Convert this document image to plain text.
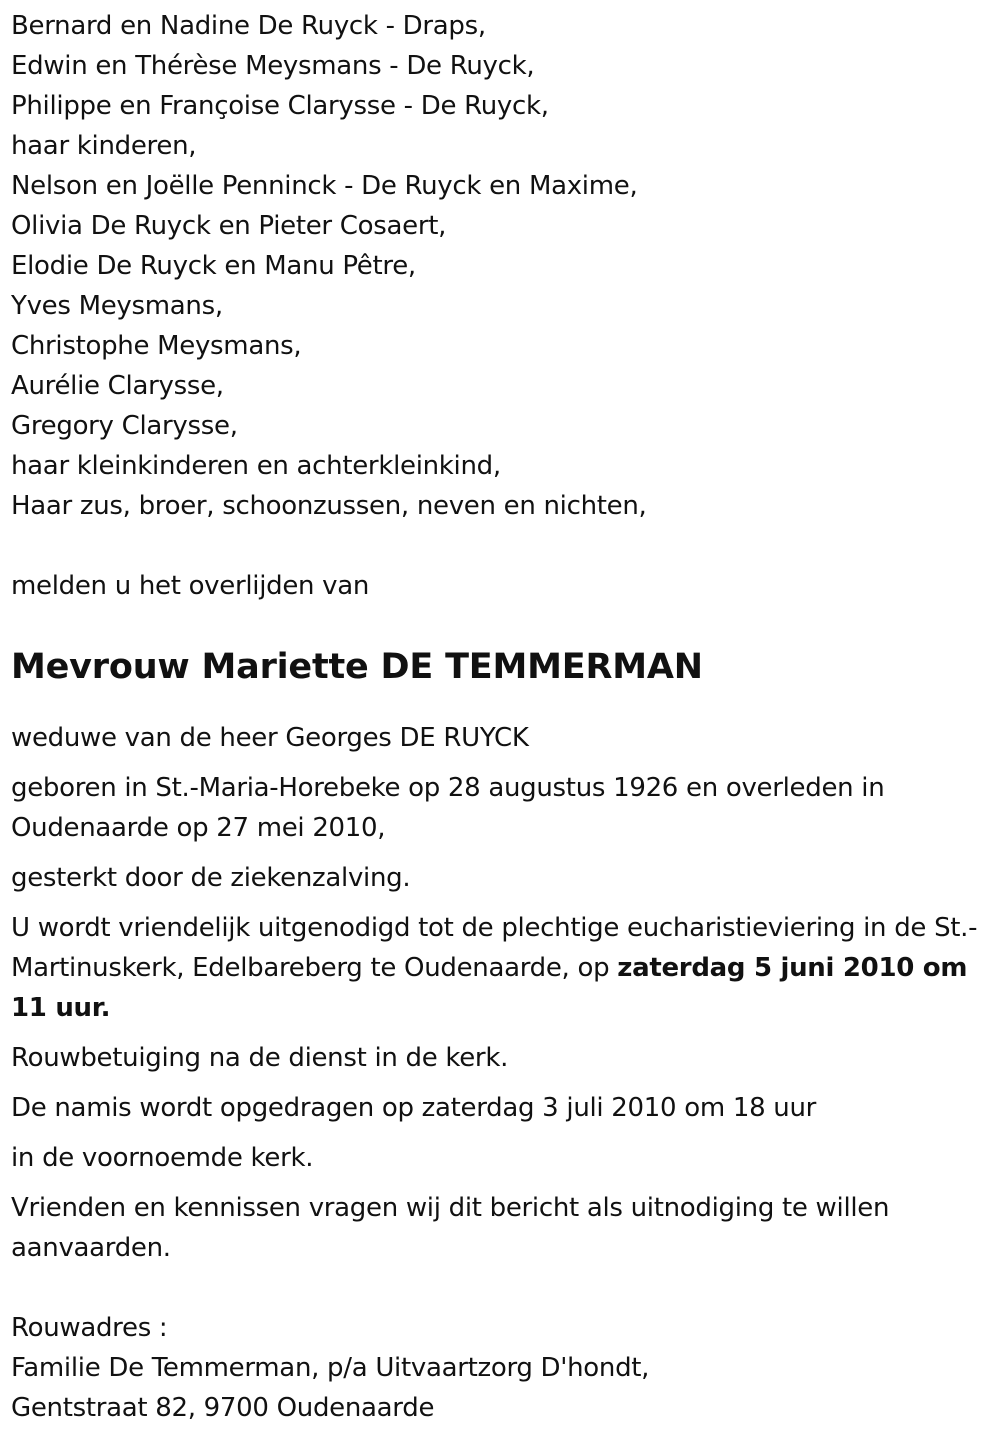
Bernard en Nadine De Ruyck - Draps,
Edwin en Thérèse Meysmans - De Ruyck,
Philippe en Françoise Clarysse - De Ruyck,
haar kinderen,
Nelson en Joëlle Penninck - De Ruyck en Maxime,
Olivia De Ruyck en Pieter Cosaert,
Elodie De Ruyck en Manu Pêtre,
Yves Meysmans,
Christophe Meysmans,
Aurélie Clarysse,
Gregory Clarysse,
haar kleinkinderen en achterkleinkind,
Haar zus, broer, schoonzussen, neven en nichten,
melden u het overlijden van
Mevrouw Mariette DE TEMMERMAN
weduwe van de heer Georges DE RUYCK
geboren in St.-Maria-Horebeke op 28 augustus 1926 en overleden in Oudenaarde op 27 mei 2010,
gesterkt door de ziekenzalving.
U wordt vriendelijk uitgenodigd tot de plechtige eucharistieviering in de St.-Martinuskerk, Edelbareberg te Oudenaarde, op zaterdag 5 juni 2010 om 11 uur.
Rouwbetuiging na de dienst in de kerk.
De namis wordt opgedragen op zaterdag 3 juli 2010 om 18 uur
in de voornoemde kerk.
Vrienden en kennissen vragen wij dit bericht als uitnodiging te willen aanvaarden.
Rouwadres :
Familie De Temmerman, p/a Uitvaartzorg D'hondt,
Gentstraat 82, 9700 Oudenaarde
